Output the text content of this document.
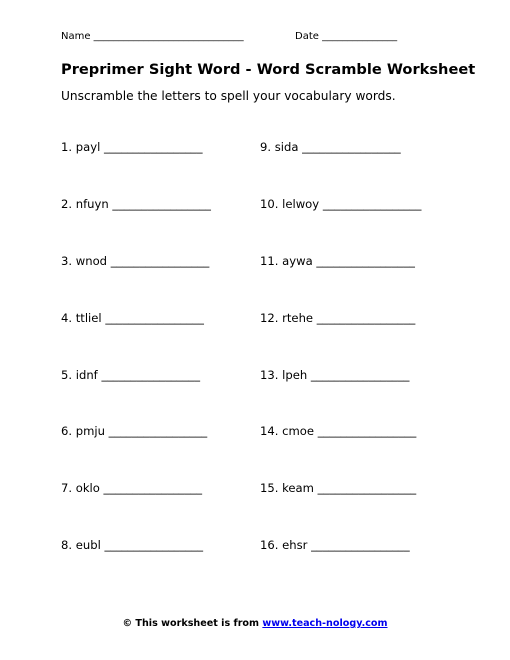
Name ______________________________	Date _______________
Preprimer Sight Word - Word Scramble Worksheet
Unscramble the letters to spell your vocabulary words.
1. payl _________________
2. nfuyn _________________
3. wnod _________________
4. ttliel _________________
5. idnf _________________
6. pmju _________________
7. oklo _________________
8. eubl _________________
9. sida _________________
10. lelwoy _________________
11. aywa _________________
12. rtehe _________________
13. lpeh _________________
14. cmoe _________________
15. keam _________________
16. ehsr _________________
© This worksheet is from www.teach-nology.com
